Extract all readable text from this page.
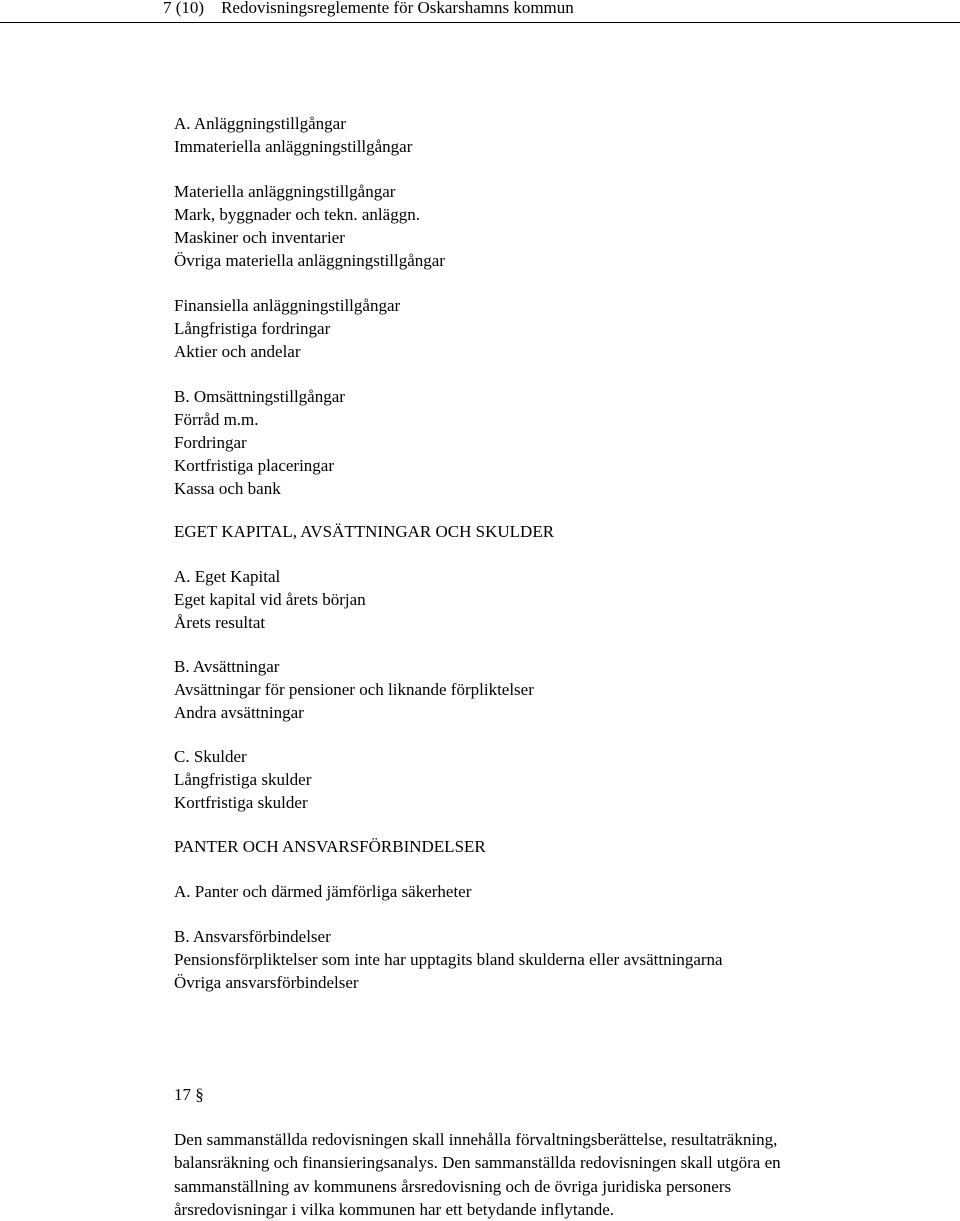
7 (10) Redovisningsreglemente för Oskarshamns kommun
A. Anläggningstillgångar
Immateriella anläggningstillgångar
Materiella anläggningstillgångar
Mark, byggnader och tekn. anläggn.
Maskiner och inventarier
Övriga materiella anläggningstillgångar
Finansiella anläggningstillgångar
Långfristiga fordringar
Aktier och andelar
B. Omsättningstillgångar
Förråd m.m.
Fordringar
Kortfristiga placeringar
Kassa och bank
EGET KAPITAL, AVSÄTTNINGAR OCH SKULDER
A. Eget Kapital
Eget kapital vid årets början
Årets resultat
B. Avsättningar
Avsättningar för pensioner och liknande förpliktelser
Andra avsättningar
C. Skulder
Långfristiga skulder
Kortfristiga skulder
PANTER OCH ANSVARSFÖRBINDELSER
A. Panter och därmed jämförliga säkerheter
B. Ansvarsförbindelser
Pensionsförpliktelser som inte har upptagits bland skulderna eller avsättningarna
Övriga ansvarsförbindelser
17 §
Den sammanställda redovisningen skall innehålla förvaltningsberättelse, resultaträkning,
balansräkning och finansieringsanalys. Den sammanställda redovisningen skall utgöra en
sammanställning av kommunens årsredovisning och de övriga juridiska personers
årsredovisningar i vilka kommunen har ett betydande inflytande.
